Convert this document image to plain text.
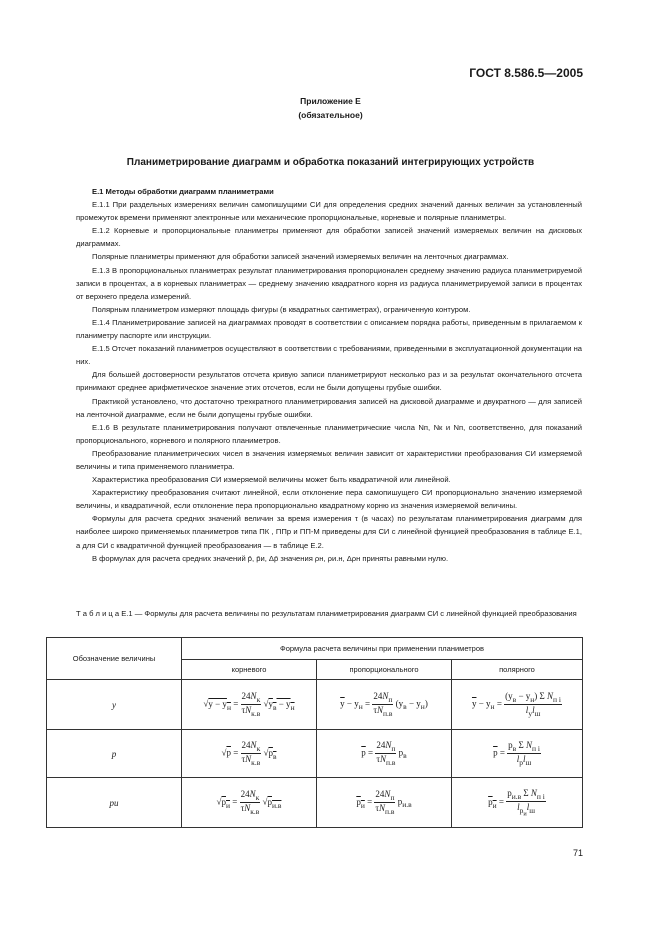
ГОСТ 8.586.5—2005
Приложение Е
(обязательное)
Планиметрирование диаграмм и обработка показаний интегрирующих устройств

Е.1 Методы обработки диаграмм планиметрами

Е.1.1 При раздельных измерениях величин самопишущими СИ для определения средних значений данных величин за установленный промежуток времени применяют электронные или механические пропорциональные, корневые и полярные планиметры.

Е.1.2 Корневые и пропорциональные планиметры применяют для обработки записей значений измеряемых величин на дисковых диаграммах.

Полярные планиметры применяют для обработки записей значений измеряемых величин на ленточных диаграммах.

Е.1.3 В пропорциональных планиметрах результат планиметрирования пропорционален среднему значению радиуса планиметрируемой записи в процентах, а в корневых планиметрах — среднему значению квадратного корня из радиуса планиметрируемой записи в процентах от верхнего предела измерений.

Полярным планиметром измеряют площадь фигуры (в квадратных сантиметрах), ограниченную контуром.

Е.1.4 Планиметрирование записей на диаграммах проводят в соответствии с описанием порядка работы, приведенным в прилагаемом к планиметру паспорте или инструкции.

Е.1.5 Отсчет показаний планиметров осуществляют в соответствии с требованиями, приведенными в эксплуатационной документации на них.

Для большей достоверности результатов отсчета кривую записи планиметрируют несколько раз и за результат окончательного отсчета принимают среднее арифметическое значение этих отсчетов, если не были допущены грубые ошибки.

Практикой установлено, что достаточно трехкратного планиметрирования записей на дисковой диаграмме и двукратного — для записей на ленточной диаграмме, если не были допущены грубые ошибки.

Е.1.6 В результате планиметрирования получают отвлеченные планиметрические числа Nп, Nк и Nп, соответственно, для показаний пропорционального, корневого и полярного планиметров.

Преобразование планиметрических чисел в значения измеряемых величин зависит от характеристики преобразования СИ измеряемой величины и типа применяемого планиметра.

Характеристика преобразования СИ измеряемой величины может быть квадратичной или линейной.

Характеристику преобразования считают линейной, если отклонение пера самопишущего СИ пропорционально значению измеряемой величины, и квадратичной, если отклонение пера пропорционально квадратному корню из значения измеряемой величины.

Формулы для расчета средних значений величин за время измерения τ (в часах) по результатам планиметрирования диаграмм для наиболее широко применяемых планиметров типа ПК , ППр и ПП-М приведены для СИ с линейной функцией преобразования в таблице Е.1, а для СИ с квадратичной функцией преобразования — в таблице Е.2.

В формулах для расчета средних значений p̄, p̄и, Δp̄ значения ρн, ρи.н, Δρн приняты равными нулю.

Т а б л и ц а Е.1 — Формулы для расчета величины по результатам планиметрирования диаграмм СИ с линейной функцией преобразования
Обозначение величины	Формула расчета величины при применении планиметров		
	корневого	пропорционального	полярного
y	$√y - y_н = \frac{24N_к}{\tau N_{к.в}} √y_в - y_н$	$\overline{y} - y_н = \frac{24N_п}{\tau N_{п.в}} (y_в - y_н)$	$\overline{y} - y_н = \frac{(y_в - y_н) \Sigma N_{п i}}{l_yl_ш}$

p	$√p = \frac{24N_к}{\tau N_{к.в}} √p_в$	$\overline{p} = \frac{24N_п}{\tau N_{п.в}} p_в$	$\overline{p} = \frac{p_в \Sigma N_{п i}}{l_pl_ш}$

pи	$√p_и = \frac{24N_к}{\tau N_{к.в}} √p_{и.в}$	$p_и = \frac{24N_п}{\tau N_{п.в}} p_{и.в}$	$p_и = \frac{p_{и.в} \Sigma N_{п i}}{l_{p_и}l_ш}$
71
